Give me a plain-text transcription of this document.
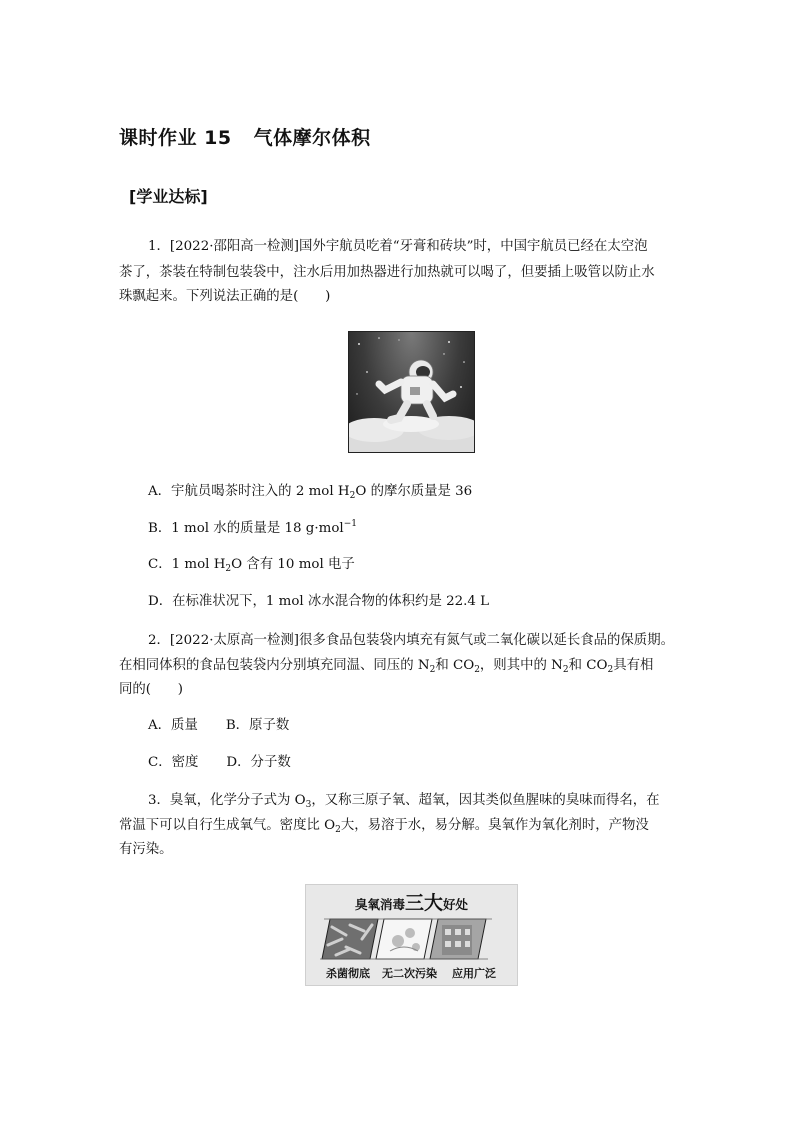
课时作业 15 气体摩尔体积
[学业达标]
1．[2022·邵阳高一检测]国外宇航员吃着“牙膏和砖块”时，中国宇航员已经在太空泡
茶了，茶装在特制包装袋中，注水后用加热器进行加热就可以喝了，但要插上吸管以防止水
珠飘起来。下列说法正确的是(　　)
A．宇航员喝茶时注入的 2 mol $H_2O$ 的摩尔质量是 36
B．1 mol 水的质量是 18 g·mol$^{-1}$
C．1 mol $H_2O$ 含有 10 mol 电子
D．在标准状况下，1 mol 冰水混合物的体积约是 22.4 L
2．[2022·太原高一检测]很多食品包装袋内填充有氮气或二氧化碳以延长食品的保质期。
在相同体积的食品包装袋内分别填充同温、同压的 $N_2$和 $CO_2$，则其中的 $N_2$和 $CO_2$具有相
同的(　　)
A．质量 B．原子数
C．密度 D．分子数
3．臭氧，化学分子式为 $O_3$，又称三原子氧、超氧，因其类似鱼腥味的臭味而得名，在
常温下可以自行生成氧气。密度比 $O_2$大，易溶于水，易分解。臭氧作为氧化剂时，产物没
有污染。
臭氧消毒三大好处
杀菌彻底 无二次污染 应用广泛
